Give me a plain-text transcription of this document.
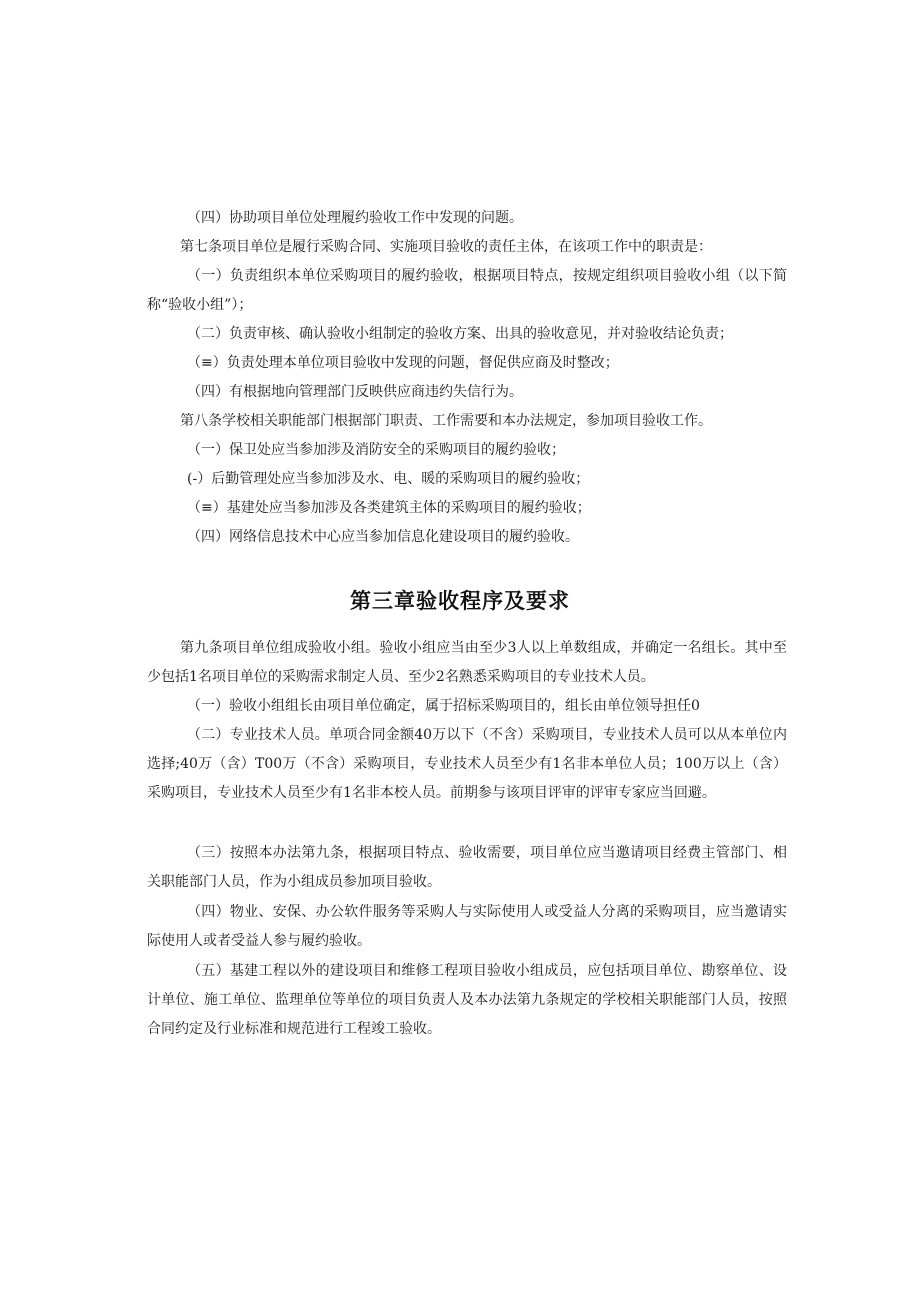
（四）协助项目单位处理履约验收工作中发现的问题。

第七条项目单位是履行采购合同、实施项目验收的责任主体，在该项工作中的职责是：

（一）负责组织本单位采购项目的履约验收，根据项目特点，按规定组织项目验收小组（以下简称“验收小组”）；

（二）负责审核、确认验收小组制定的验收方案、出具的验收意见，并对验收结论负责；

（≡）负责处理本单位项目验收中发现的问题，督促供应商及时整改；

（四）有根据地向管理部门反映供应商违约失信行为。

第八条学校相关职能部门根据部门职责、工作需要和本办法规定，参加项目验收工作。

（一）保卫处应当参加涉及消防安全的采购项目的履约验收；

(-）后勤管理处应当参加涉及水、电、暖的采购项目的履约验收；

（≡）基建处应当参加涉及各类建筑主体的采购项目的履约验收；

（四）网络信息技术中心应当参加信息化建设项目的履约验收。

第三章验收程序及要求

第九条项目单位组成验收小组。验收小组应当由至少3人以上单数组成，并确定一名组长。其中至少包括1名项目单位的采购需求制定人员、至少2名熟悉采购项目的专业技术人员。

（一）验收小组组长由项目单位确定，属于招标采购项目的，组长由单位领导担任0

（二）专业技术人员。单项合同金额40万以下（不含）采购项目，专业技术人员可以从本单位内选择;40万（含）T00万（不含）采购项目，专业技术人员至少有1名非本单位人员；100万以上（含）采购项目，专业技术人员至少有1名非本校人员。前期参与该项目评审的评审专家应当回避。

（三）按照本办法第九条，根据项目特点、验收需要，项目单位应当邀请项目经费主管部门、相关职能部门人员，作为小组成员参加项目验收。

（四）物业、安保、办公软件服务等采购人与实际使用人或受益人分离的采购项目，应当邀请实际使用人或者受益人参与履约验收。

（五）基建工程以外的建设项目和维修工程项目验收小组成员，应包括项目单位、勘察单位、设计单位、施工单位、监理单位等单位的项目负责人及本办法第九条规定的学校相关职能部门人员，按照合同约定及行业标准和规范进行工程竣工验收。
